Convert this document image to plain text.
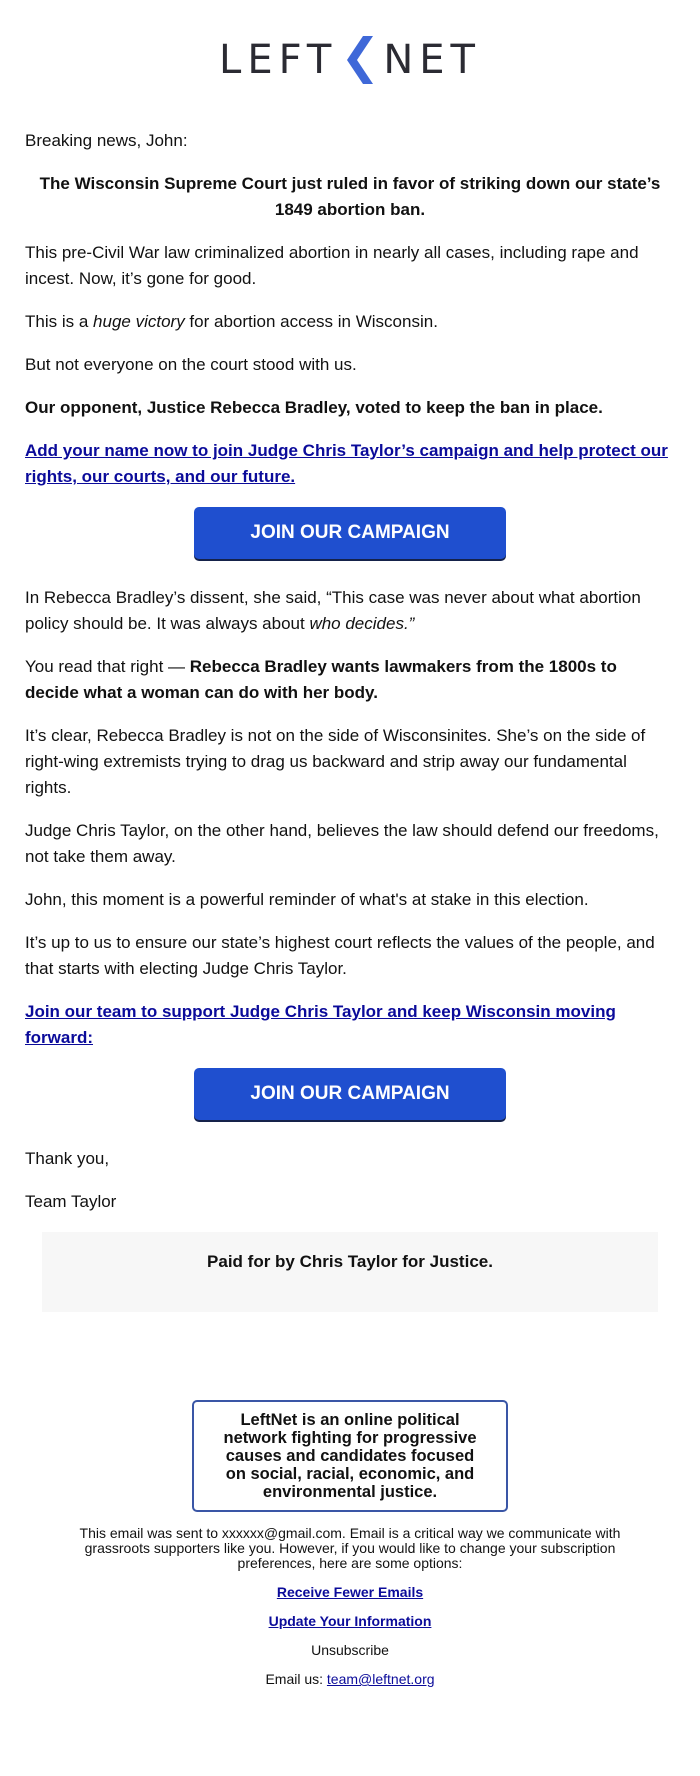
LEFT NET

Breaking news, John:

The Wisconsin Supreme Court just ruled in favor of striking down our state’s 1849 abortion ban.

This pre-Civil War law criminalized abortion in nearly all cases, including rape and incest. Now, it’s gone for good.

This is a huge victory for abortion access in Wisconsin.

But not everyone on the court stood with us.

Our opponent, Justice Rebecca Bradley, voted to keep the ban in place.

Add your name now to join Judge Chris Taylor’s campaign and help protect our rights, our courts, and our future.

JOIN OUR CAMPAIGN

In Rebecca Bradley’s dissent, she said, “This case was never about what abortion policy should be. It was always about who decides.”

You read that right — Rebecca Bradley wants lawmakers from the 1800s to decide what a woman can do with her body.

It’s clear, Rebecca Bradley is not on the side of Wisconsinites. She’s on the side of right-wing extremists trying to drag us backward and strip away our fundamental rights.

Judge Chris Taylor, on the other hand, believes the law should defend our freedoms, not take them away.

John, this moment is a powerful reminder of what's at stake in this election.

It’s up to us to ensure our state’s highest court reflects the values of the people, and that starts with electing Judge Chris Taylor.

Join our team to support Judge Chris Taylor and keep Wisconsin moving forward:

JOIN OUR CAMPAIGN

Thank you,

Team Taylor

Paid for by Chris Taylor for Justice.
LeftNet is an online political network fighting for progressive causes and candidates focused on social, racial, economic, and environmental justice.
This email was sent to xxxxxx@gmail.com. Email is a critical way we communicate with grassroots supporters like you. However, if you would like to change your subscription preferences, here are some options:
Receive Fewer Emails
Update Your Information
Unsubscribe
Email us: team@leftnet.org
